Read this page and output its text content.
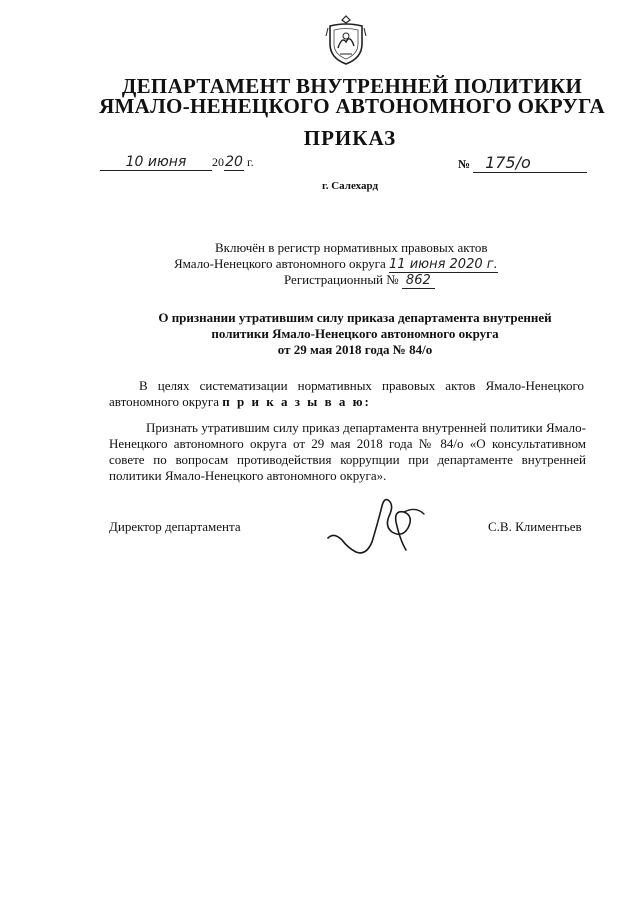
ДЕПАРТАМЕНТ ВНУТРЕННЕЙ ПОЛИТИКИ
ЯМАЛО-НЕНЕЦКОГО АВТОНОМНОГО ОКРУГА
ПРИКАЗ
10 июня 2020 г.	№ 175/о
г. Салехард
Включён в регистр нормативных правовых актов
Ямало-Ненецкого автономного округа 11 июня 2020 г.
Регистрационный № 862
О признании утратившим силу приказа департамента внутренней
политики Ямало-Ненецкого автономного округа
от 29 мая 2018 года № 84/о
В целях систематизации нормативных правовых актов Ямало-Ненецкого автономного округа п р и к а з ы в а ю:
Признать утратившим силу приказ департамента внутренней политики Ямало-Ненецкого автономного округа от 29 мая 2018 года № 84/о «О консультативном совете по вопросам противодействия коррупции при департаменте внутренней политики Ямало-Ненецкого автономного округа».
Директор департамента	С.В. Климентьев
